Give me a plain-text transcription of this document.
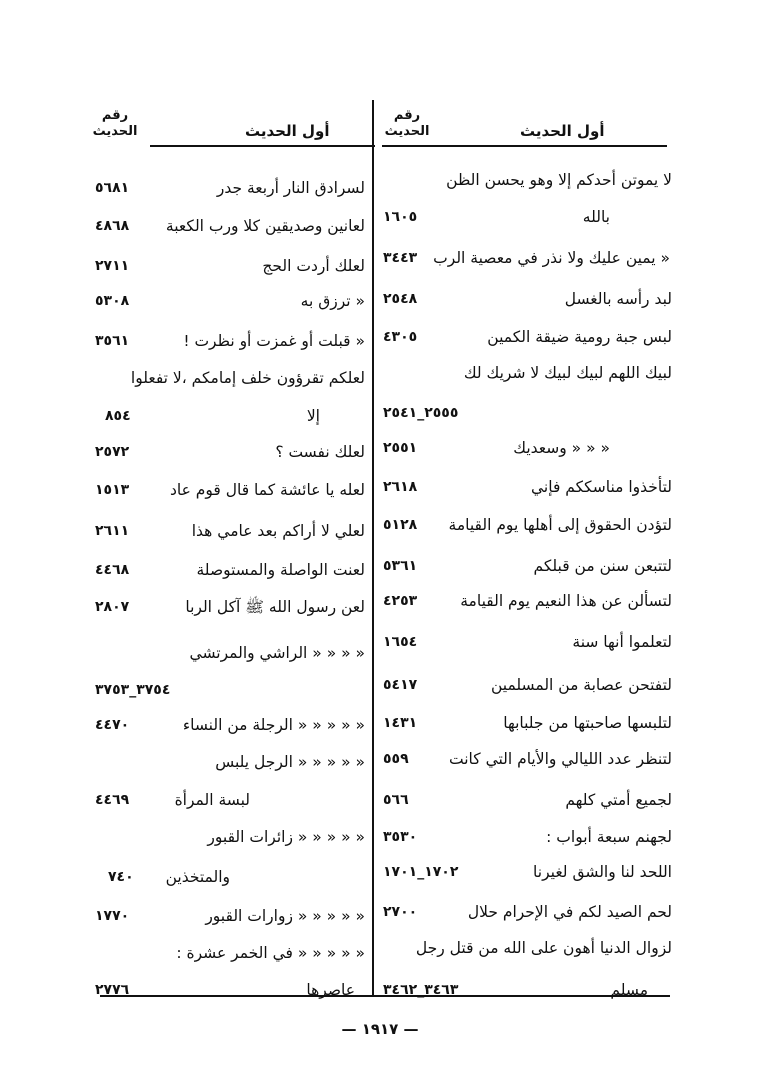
رقم
الحديث	أول الحديث
رقم
الحديث	أول الحديث
لا يموتن أحدكم إلا وهو يحسن الظن
بالله
١٦٠٥
« يمين عليك ولا نذر في معصية الرب
٣٤٤٣
لبد رأسه بالغسل
٢٥٤٨
لبس جبة رومية ضيقة الكمين
٤٣٠٥
لبيك اللهم لبيك لبيك لا شريك لك
٢٥٥٥_٢٥٤١
« « « وسعديك
٢٥٥١
لتأخذوا مناسككم فإني
٢٦١٨
لتؤدن الحقوق إلى أهلها يوم القيامة
٥١٢٨
لتتبعن سنن من قبلكم
٥٣٦١
لتسألن عن هذا النعيم يوم القيامة
٤٢٥٣
لتعلموا أنها سنة
١٦٥٤
لتفتحن عصابة من المسلمين
٥٤١٧
لتلبسها صاحبتها من جلبابها
١٤٣١
لتنظر عدد الليالي والأيام التي كانت
٥٥٩
لجميع أمتي كلهم
٥٦٦
لجهنم سبعة أبواب :
٣٥٣٠
اللحد لنا والشق لغيرنا
١٧٠٢_١٧٠١
لحم الصيد لكم في الإحرام حلال
٢٧٠٠
لزوال الدنيا أهون على الله من قتل رجل
مسلم
٣٤٦٣_٣٤٦٢
لسرادق النار أربعة جدر
٥٦٨١
لعانين وصديقين كلا ورب الكعبة
٤٨٦٨
لعلك أردت الحج
٢٧١١
« ترزق به
٥٣٠٨
« قبلت أو غمزت أو نظرت !
٣٥٦١
لعلكم تقرؤون خلف إمامكم ،لا تفعلوا
إلا
٨٥٤
لعلك نفست ؟
٢٥٧٢
لعله يا عائشة كما قال قوم عاد
١٥١٣
لعلي لا أراكم بعد عامي هذا
٢٦١١
لعنت الواصلة والمستوصلة
٤٤٦٨
لعن رسول الله ﷺ آكل الربا
٢٨٠٧
« « « « الراشي والمرتشي
٣٧٥٤_٣٧٥٣
« « « « « الرجلة من النساء
٤٤٧٠
« « « « « الرجل يلبس
لبسة المرأة
٤٤٦٩
« « « « « زائرات القبور
والمتخذين
٧٤٠
« « « « « زوارات القبور
١٧٧٠
« « « « « في الخمر عشرة :
عاصرها
٢٧٧٦
— ١٩١٧ —
